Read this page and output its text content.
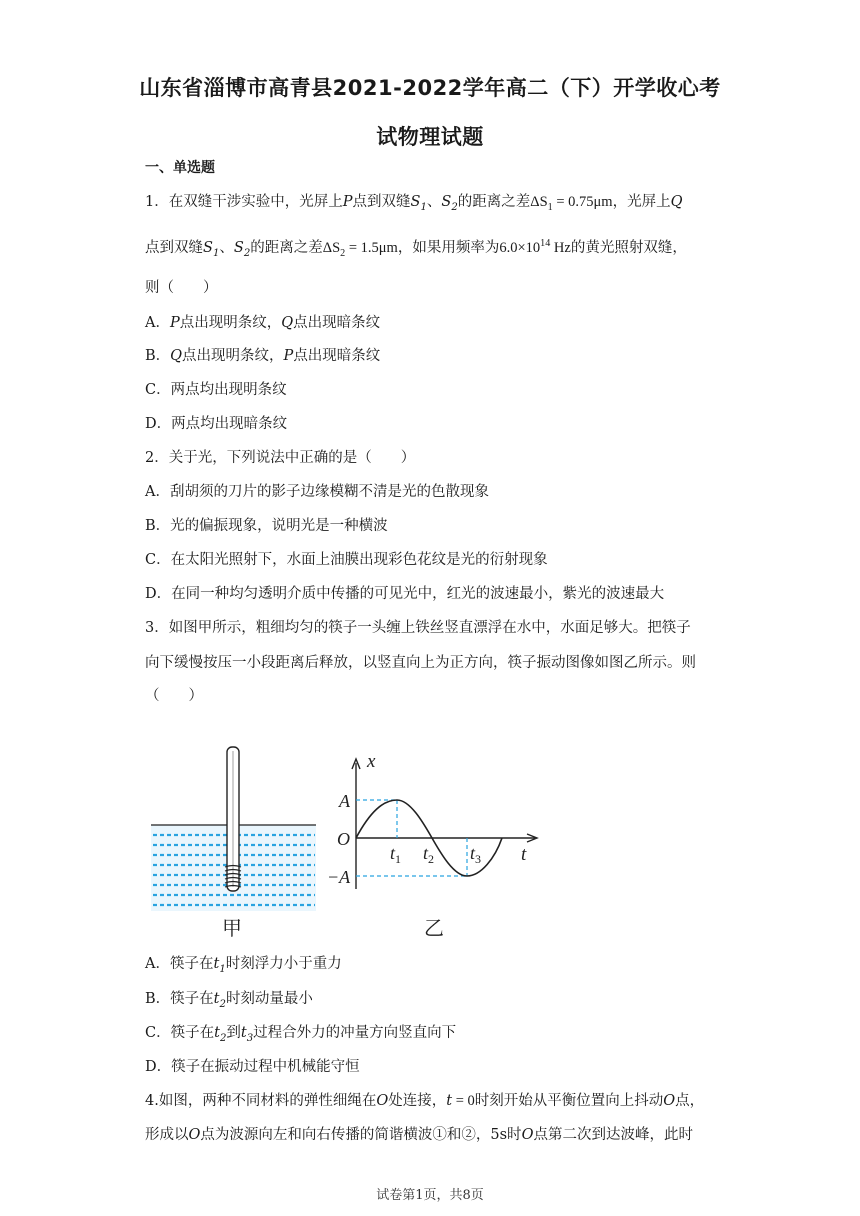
山东省淄博市高青县2021-2022学年高二（下）开学收心考
试物理试题
一、单选题
1．在双缝干涉实验中，光屏上P点到双缝$S_1$、$S_2$的距离之差$\Delta S_1 = 0.75\mu m$，光屏上Q
点到双缝$S_1$、$S_2$的距离之差$\Delta S_2 = 1.5\mu m$，如果用频率为$6.0\times 10^{14}$ Hz的黄光照射双缝，
则（　　）
A．P点出现明条纹，Q点出现暗条纹
B．Q点出现明条纹，P点出现暗条纹
C．两点均出现明条纹
D．两点均出现暗条纹
2．关于光，下列说法中正确的是（　　）
A．刮胡须的刀片的影子边缘模糊不清是光的色散现象
B．光的偏振现象，说明光是一种横波
C．在太阳光照射下，水面上油膜出现彩色花纹是光的衍射现象
D．在同一种均匀透明介质中传播的可见光中，红光的波速最小，紫光的波速最大
3．如图甲所示，粗细均匀的筷子一头缠上铁丝竖直漂浮在水中，水面足够大。把筷子
向下缓慢按压一小段距离后释放，以竖直向上为正方向，筷子振动图像如图乙所示。则
（　　）
甲
x
A
O
−A
t
$t_1$ $t_2$ $t_3$
乙
A．筷子在$t_1$时刻浮力小于重力
B．筷子在$t_2$时刻动量最小
C．筷子在$t_2$到$t_3$过程合外力的冲量方向竖直向下
D．筷子在振动过程中机械能守恒
4.如图，两种不同材料的弹性细绳在O处连接，t = 0时刻开始从平衡位置向上抖动O点，
形成以O点为波源向左和向右传播的简谐横波①和②，5s时O点第二次到达波峰，此时
试卷第1页，共8页
